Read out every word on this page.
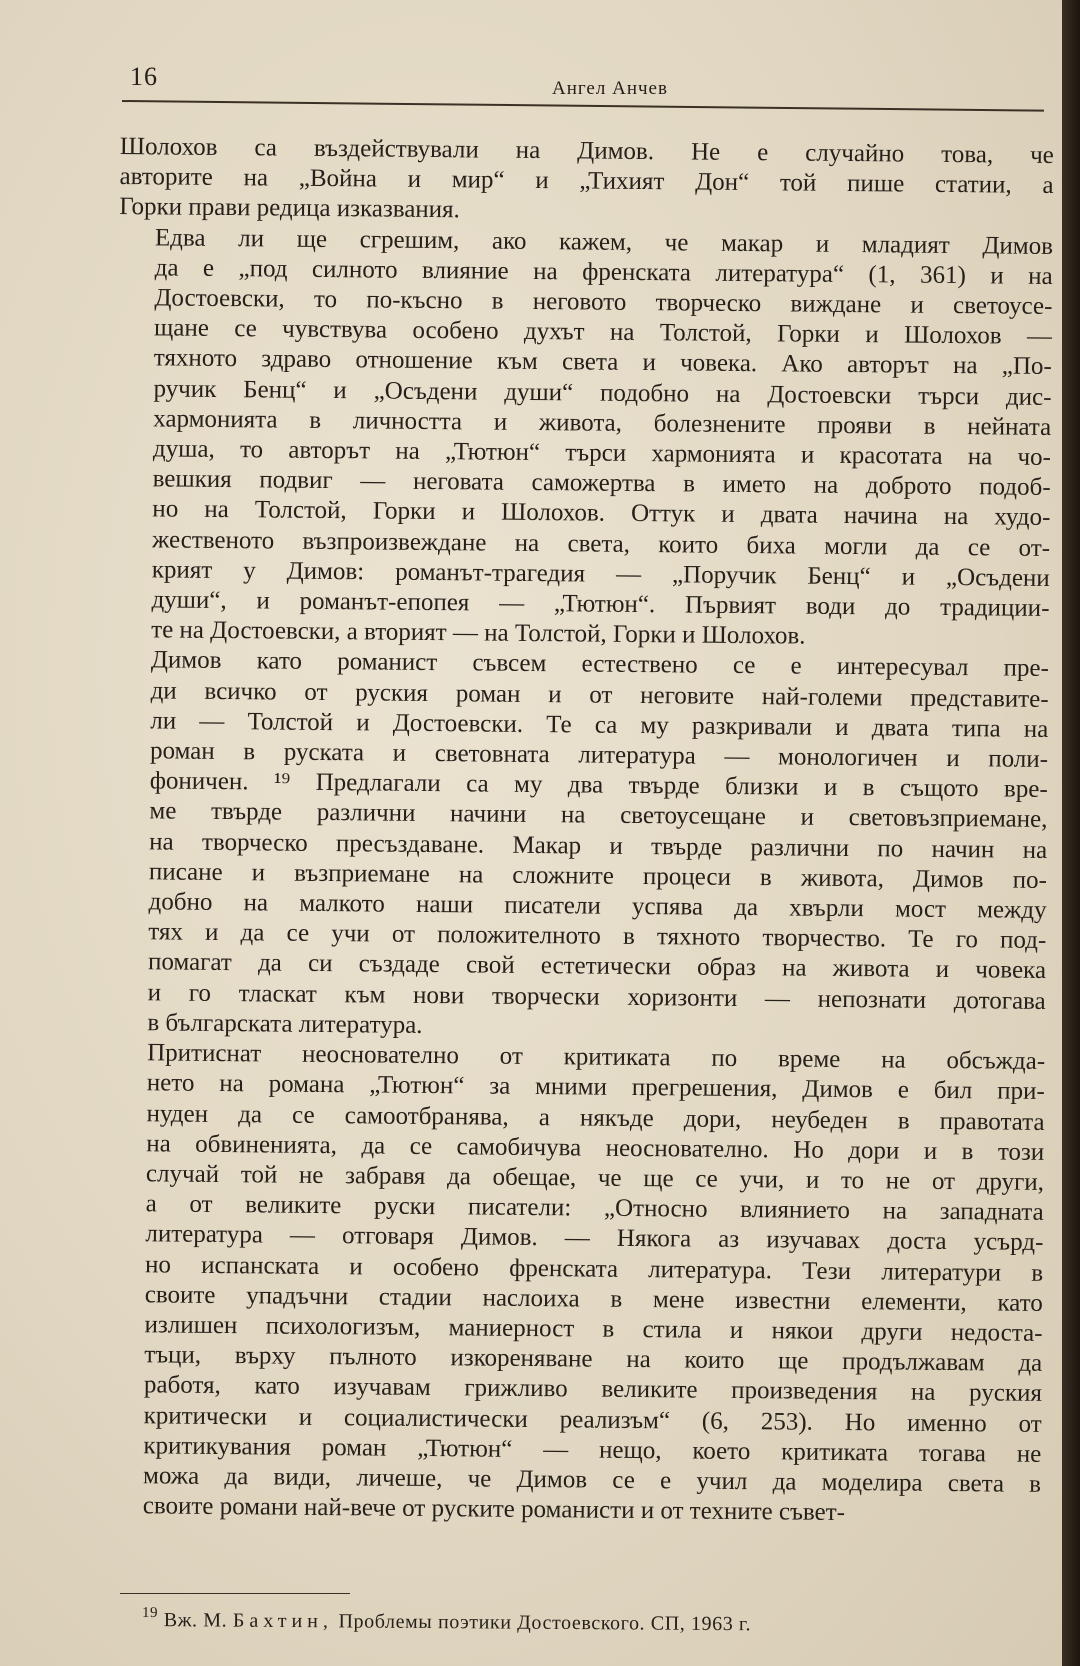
16	Ангел Анчев

Шолохов са въздействували на Димов. Не е случайно това, че
авторите на „Война и мир“ и „Тихият Дон“ той пише статии, а
Горки прави редица изказвания.

Едва ли ще сгрешим, ако кажем, че макар и младият Димов
да е „под силното влияние на френската литература“ (1, 361) и на
Достоевски, то по-късно в неговото творческо виждане и светоусе-
щане се чувствува особено духът на Толстой, Горки и Шолохов —
тяхното здраво отношение към света и човека. Ако авторът на „По-
ручик Бенц“ и „Осъдени души“ подобно на Достоевски търси дис-
хармонията в личността и живота, болезнените прояви в нейната
душа, то авторът на „Тютюн“ търси хармонията и красотата на чо-
вешкия подвиг — неговата саможертва в името на доброто подоб-
но на Толстой, Горки и Шолохов. Оттук и двата начина на худо-
жественото възпроизвеждане на света, които биха могли да се от-
крият у Димов: романът-трагедия — „Поручик Бенц“ и „Осъдени
души“, и романът-епопея — „Тютюн“. Първият води до традиции-
те на Достоевски, а вторият — на Толстой, Горки и Шолохов.

Димов като романист съвсем естествено се е интересувал пре-
ди всичко от руския роман и от неговите най-големи представите-
ли — Толстой и Достоевски. Те са му разкривали и двата типа на
роман в руската и световната литература — монологичен и поли-
фоничен. ¹⁹ Предлагали са му два твърде близки и в същото вре-
ме твърде различни начини на светоусещане и световъзприемане,
на творческо пресъздаване. Макар и твърде различни по начин на
писане и възприемане на сложните процеси в живота, Димов по-
добно на малкото наши писатели успява да хвърли мост между
тях и да се учи от положителното в тяхното творчество. Те го под-
помагат да си създаде свой естетически образ на живота и човека
и го тласкат към нови творчески хоризонти — непознати дотогава
в българската литература.

Притиснат неоснователно от критиката по време на обсъжда-
нето на романа „Тютюн“ за мними прегрешения, Димов е бил при-
нуден да се самоотбранява, а някъде дори, неубеден в правотата
на обвиненията, да се самобичува неоснователно. Но дори и в този
случай той не забравя да обещае, че ще се учи, и то не от други,
а от великите руски писатели: „Относно влиянието на западната
литература — отговаря Димов. — Някога аз изучавах доста усърд-
но испанската и особено френската литература. Тези литератури в
своите упадъчни стадии наслоиха в мене известни елементи, като
излишен психологизъм, маниерност в стила и някои други недоста-
тъци, върху пълното изкореняване на които ще продължавам да
работя, като изучавам грижливо великите произведения на руския
критически и социалистически реализъм“ (6, 253). Но именно от
критикувания роман „Тютюн“ — нещо, което критиката тогава не
можа да види, личеше, че Димов се е учил да моделира света в
своите романи най-вече от руските романисти и от техните съвет-

$^{19}$ Вж. М. Бахтин, Проблемы поэтики Достоевского. СП, 1963 г.
